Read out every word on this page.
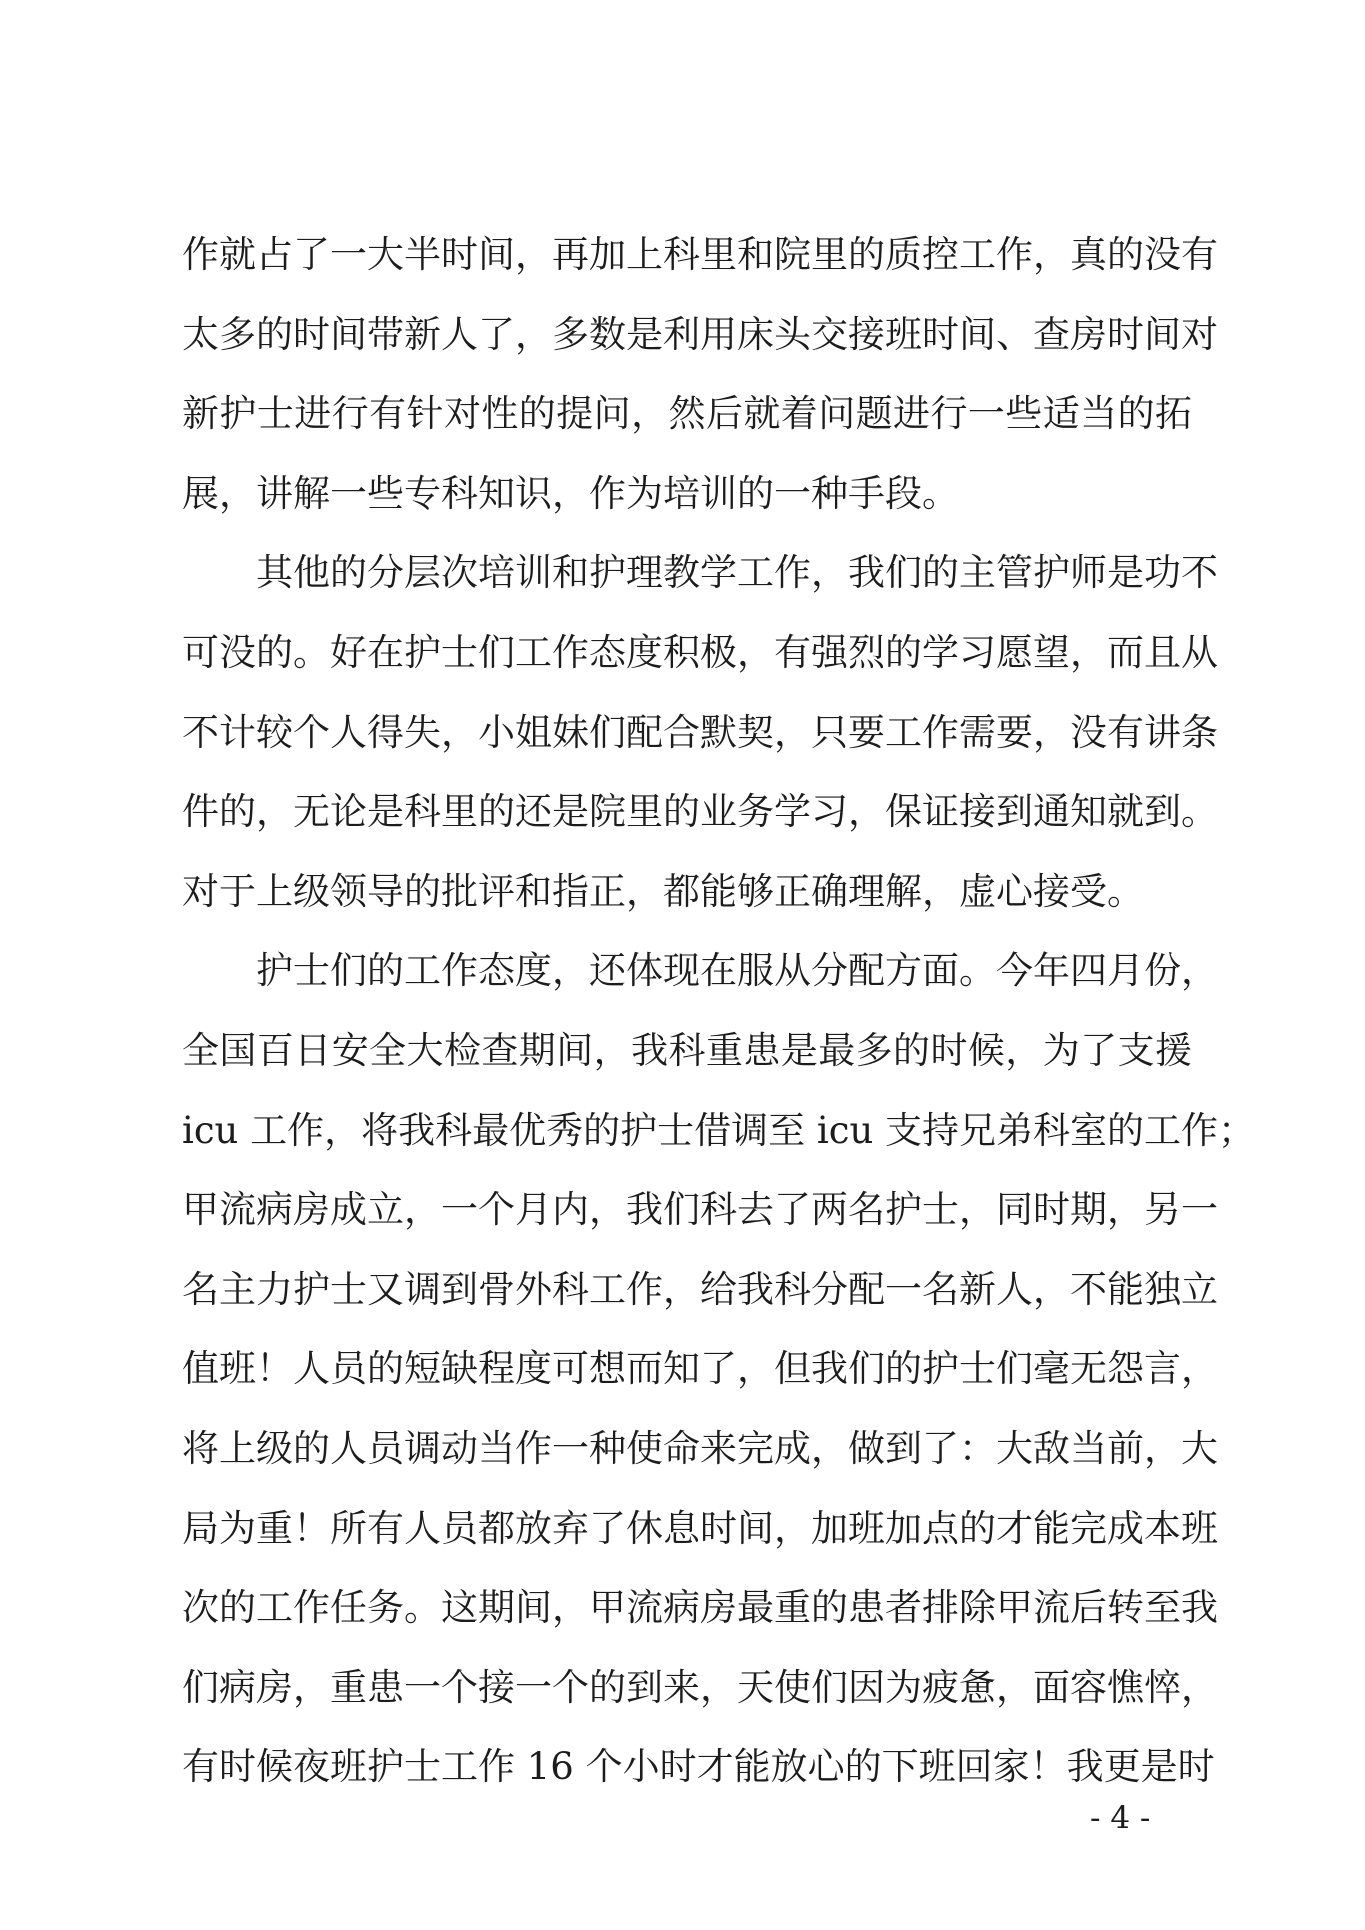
作就占了一大半时间，再加上科里和院里的质控工作，真的没有
太多的时间带新人了，多数是利用床头交接班时间、查房时间对
新护士进行有针对性的提问，然后就着问题进行一些适当的拓
展，讲解一些专科知识，作为培训的一种手段。
其他的分层次培训和护理教学工作，我们的主管护师是功不
可没的。好在护士们工作态度积极，有强烈的学习愿望，而且从
不计较个人得失，小姐妹们配合默契，只要工作需要，没有讲条
件的，无论是科里的还是院里的业务学习，保证接到通知就到。
对于上级领导的批评和指正，都能够正确理解，虚心接受。
护士们的工作态度，还体现在服从分配方面。今年四月份，
全国百日安全大检查期间，我科重患是最多的时候，为了支援
icu 工作，将我科最优秀的护士借调至 icu 支持兄弟科室的工作；
甲流病房成立，一个月内，我们科去了两名护士，同时期，另一
名主力护士又调到骨外科工作，给我科分配一名新人，不能独立
值班！人员的短缺程度可想而知了，但我们的护士们毫无怨言，
将上级的人员调动当作一种使命来完成，做到了：大敌当前，大
局为重！所有人员都放弃了休息时间，加班加点的才能完成本班
次的工作任务。这期间，甲流病房最重的患者排除甲流后转至我
们病房，重患一个接一个的到来，天使们因为疲惫，面容憔悴，
有时候夜班护士工作 16 个小时才能放心的下班回家！我更是时
- 4 -
